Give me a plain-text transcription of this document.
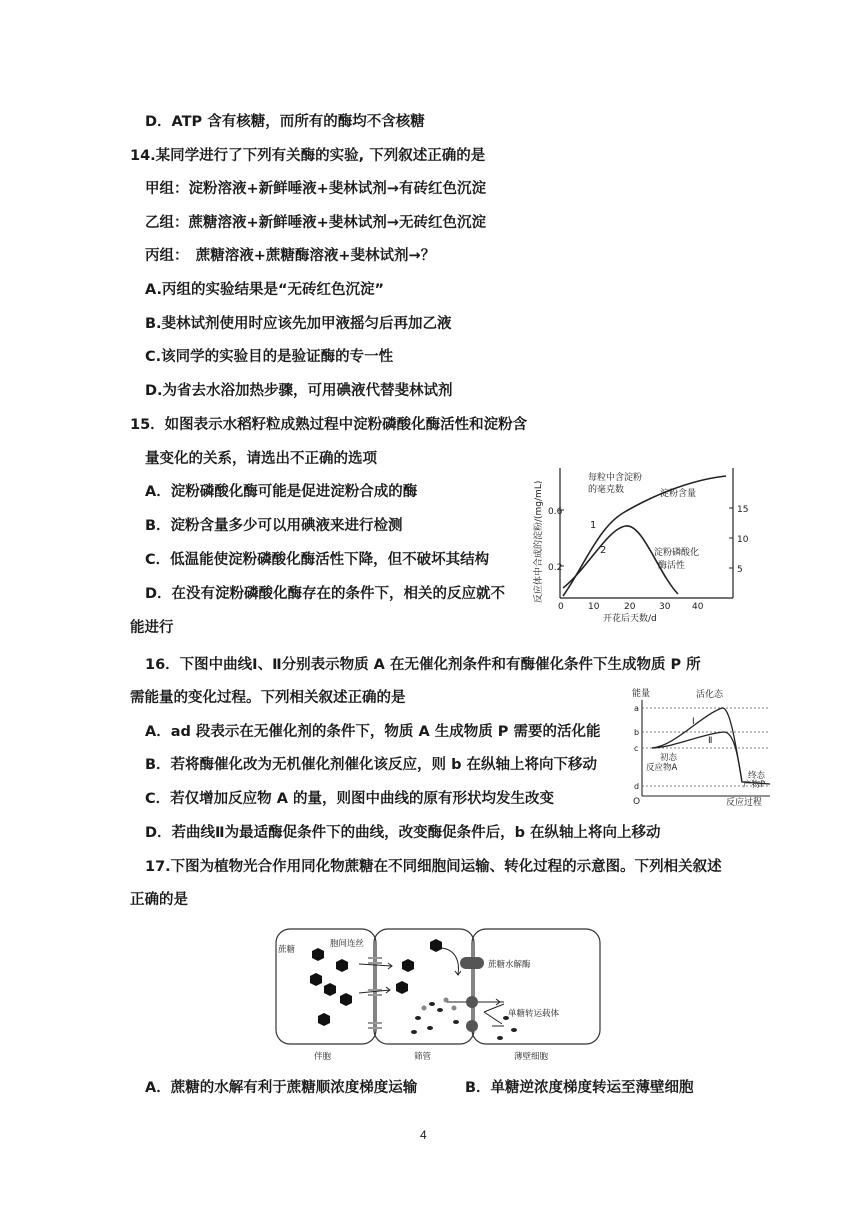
D．ATP 含有核糖，而所有的酶均不含核糖
14.某同学进行了下列有关酶的实验, 下列叙述正确的是
甲组：淀粉溶液+新鲜唾液+斐林试剂→有砖红色沉淀
乙组：蔗糖溶液+新鲜唾液+斐林试剂→无砖红色沉淀
丙组：　蔗糖溶液+蔗糖酶溶液+斐林试剂→？
A.丙组的实验结果是“无砖红色沉淀”
B.斐林试剂使用时应该先加甲液摇匀后再加乙液
C.该同学的实验目的是验证酶的专一性
D.为省去水浴加热步骤，可用碘液代替斐林试剂
15．如图表示水稻籽粒成熟过程中淀粉磷酸化酶活性和淀粉含
量变化的关系，请选出不正确的选项
A．淀粉磷酸化酶可能是促进淀粉合成的酶
B．淀粉含量多少可以用碘液来进行检测
C．低温能使淀粉磷酸化酶活性下降，但不破坏其结构
D．在没有淀粉磷酸化酶存在的条件下，相关的反应就不
能进行
0.2
0.6
5
10
15
0	10	20	30 40
开花后天数/d
反应体中合成的淀粉/(mg/mL)
每粒中含淀粉
的毫克数	淀粉含量
淀粉磷酸化
酶活性
1
2
16．下图中曲线Ⅰ、Ⅱ分别表示物质 A 在无催化剂条件和有酶催化条件下生成物质 P 所
需能量的变化过程。下列相关叙述正确的是
A．ad 段表示在无催化剂的条件下，物质 A 生成物质 P 需要的活化能
B．若将酶催化改为无机催化剂催化该反应，则 b 在纵轴上将向下移动
C．若仅增加反应物 A 的量，则图中曲线的原有形状均发生改变
D．若曲线Ⅱ为最适酶促条件下的曲线，改变酶促条件后，b 在纵轴上将向上移动
能量	活化态
a
b
c
d
O
Ⅰ
Ⅱ
初态
反应物A
终态
产物P
反应过程
17.下图为植物光合作用同化物蔗糖在不同细胞间运输、转化过程的示意图。下列相关叙述
正确的是
蔗糖
胞间连丝
蔗糖水解酶
单糖转运载体
伴胞	筛管	薄壁细胞
A．蔗糖的水解有利于蔗糖顺浓度梯度运输	B．单糖逆浓度梯度转运至薄壁细胞
4
